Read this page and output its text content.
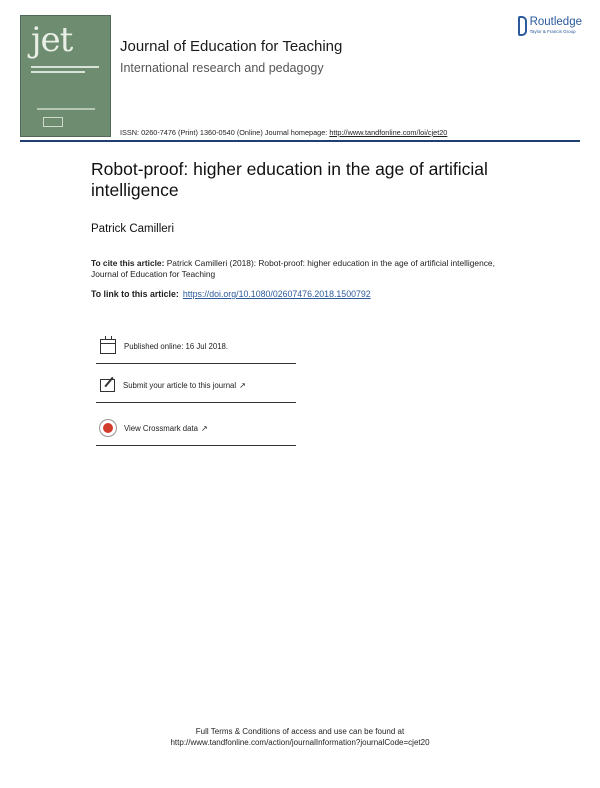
jet	Journal of Education for Teaching
International research and pedagogy
Routledge
Taylor & Francis Group
ISSN: 0260-7476 (Print) 1360-0540 (Online) Journal homepage: http://www.tandfonline.com/loi/cjet20
Robot-proof: higher education in the age of artificial intelligence
Patrick Camilleri
To cite this article: Patrick Camilleri (2018): Robot-proof: higher education in the age of artificial intelligence, Journal of Education for Teaching
To link to this article: https://doi.org/10.1080/02607476.2018.1500792
Published online: 16 Jul 2018.
Submit your article to this journal ↗
View Crossmark data ↗
Full Terms & Conditions of access and use can be found at
http://www.tandfonline.com/action/journalInformation?journalCode=cjet20
